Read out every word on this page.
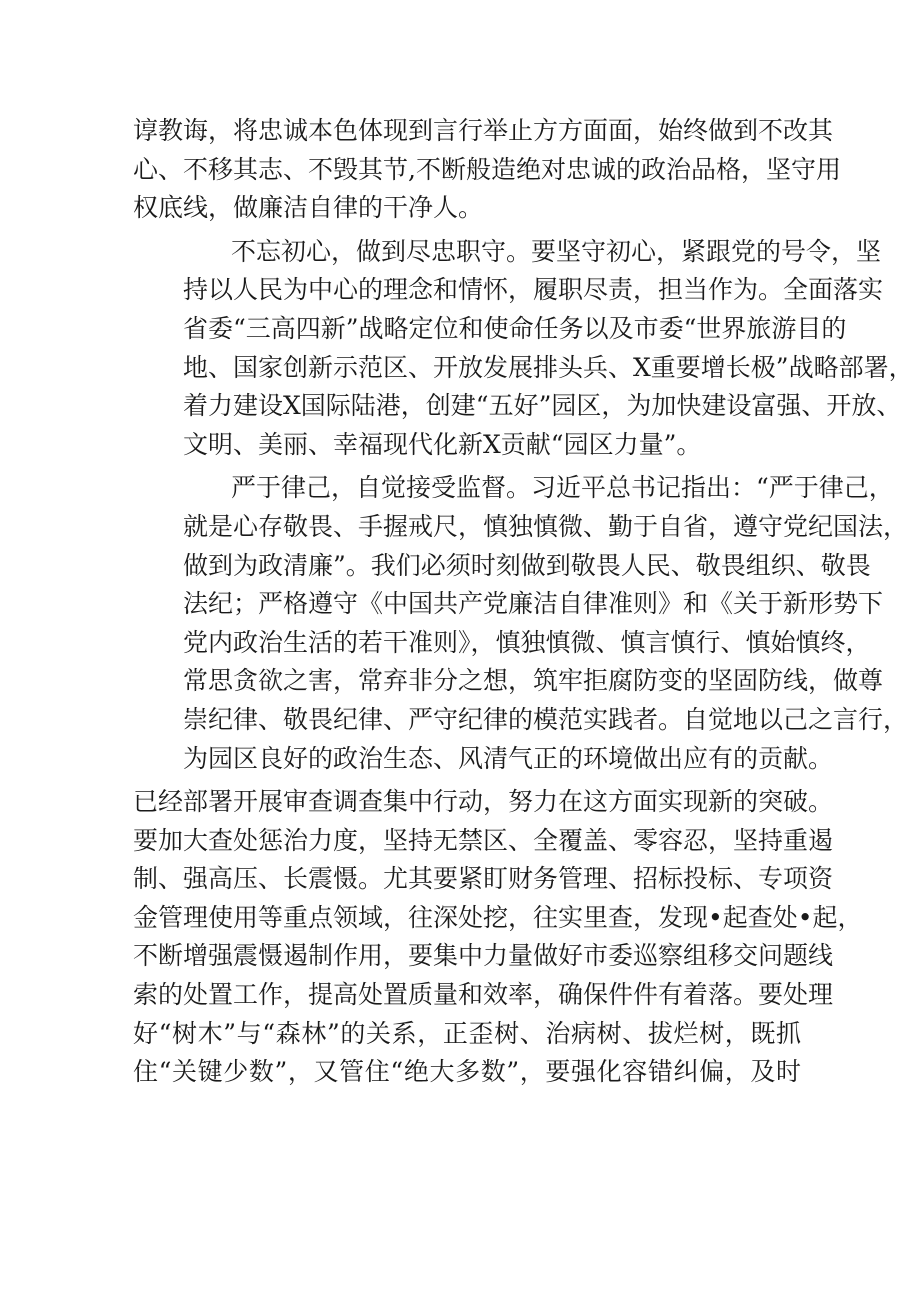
谆教诲，将忠诚本色体现到言行举止方方面面，始终做到不改其
心、不移其志、不毁其节,不断般造绝对忠诚的政治品格，坚守用
权底线，做廉洁自律的干净人。
不忘初心，做到尽忠职守。要坚守初心，紧跟党的号令，坚
持以人民为中心的理念和情怀，履职尽责，担当作为。全面落实
省委“三高四新”战略定位和使命任务以及市委“世界旅游目的
地、国家创新示范区、开放发展排头兵、X重要增长极”战略部署，
着力建设X国际陆港，创建“五好”园区，为加快建设富强、开放、
文明、美丽、幸福现代化新X贡献“园区力量”。
严于律己，自觉接受监督。习近平总书记指出：“严于律己，
就是心存敬畏、手握戒尺，慎独慎微、勤于自省，遵守党纪国法，
做到为政清廉”。我们必须时刻做到敬畏人民、敬畏组织、敬畏
法纪；严格遵守《中国共产党廉洁自律准则》和《关于新形势下
党内政治生活的若干准则》，慎独慎微、慎言慎行、慎始慎终，
常思贪欲之害，常弃非分之想，筑牢拒腐防变的坚固防线，做尊
崇纪律、敬畏纪律、严守纪律的模范实践者。自觉地以己之言行，
为园区良好的政治生态、风清气正的环境做出应有的贡献。
已经部署开展审查调查集中行动，努力在这方面实现新的突破。
要加大查处惩治力度，坚持无禁区、全覆盖、零容忍，坚持重遏
制、强高压、长震慑。尤其要紧盯财务管理、招标投标、专项资
金管理使用等重点领域，往深处挖，往实里查，发现•起查处•起，
不断增强震慑遏制作用，要集中力量做好市委巡察组移交问题线
索的处置工作，提高处置质量和效率，确保件件有着落。要处理
好“树木”与“森林”的关系，正歪树、治病树、拔烂树，既抓
住“关键少数”，又管住“绝大多数”，要强化容错纠偏，及时
